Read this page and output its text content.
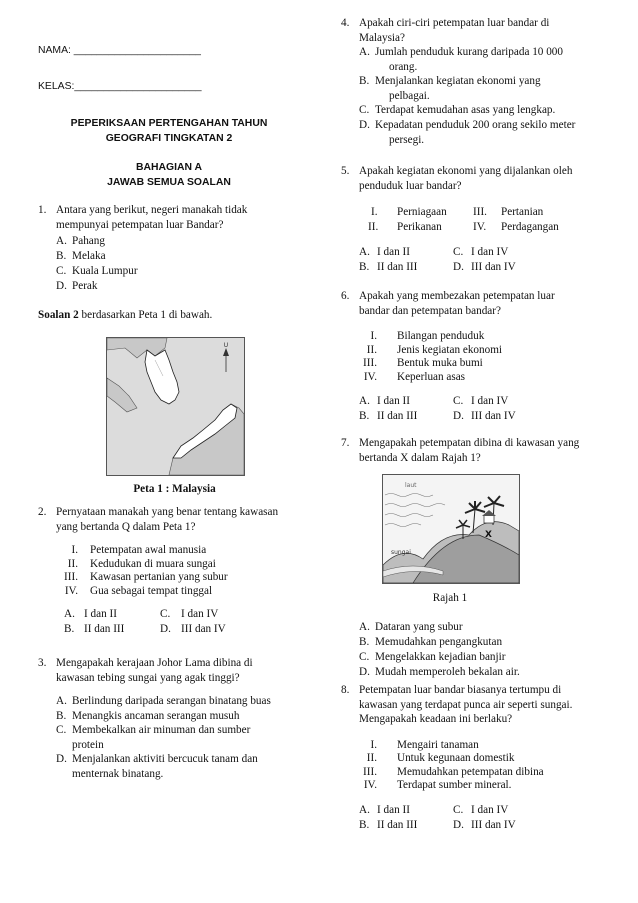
NAMA: ______________________
KELAS:______________________
PEPERIKSAAN PERTENGAHAN TAHUN
GEOGRAFI TINGKATAN 2
BAHAGIAN A
JAWAB SEMUA SOALAN
1. Antara yang berikut, negeri manakah tidak
mempunyai petempatan luar Bandar?
A. Pahang
B. Melaka
C. Kuala Lumpur
D. Perak
Soalan 2 berdasarkan Peta 1 di bawah.
U
Peta 1 : Malaysia
2. Pernyataan manakah yang benar tentang kawasan
yang bertanda Q dalam Peta 1?
I. Petempatan awal manusia
II. Kedudukan di muara sungai
III. Kawasan pertanian yang subur
IV. Gua sebagai tempat tinggal
A. I dan II	C. I dan IV
B. II dan III	D. III dan IV
3. Mengapakah kerajaan Johor Lama dibina di
kawasan tebing sungai yang agak tinggi?
A. Berlindung daripada serangan binatang buas
B. Menangkis ancaman serangan musuh
C. Membekalkan air minuman dan sumber
protein
D. Menjalankan aktiviti bercucuk tanam dan
menternak binatang.
4. Apakah ciri-ciri petempatan luar bandar di
Malaysia?
A. Jumlah penduduk kurang daripada 10 000
orang.
B. Menjalankan kegiatan ekonomi yang
pelbagai.
C. Terdapat kemudahan asas yang lengkap.
D. Kepadatan penduduk 200 orang sekilo meter
persegi.
5. Apakah kegiatan ekonomi yang dijalankan oleh
penduduk luar bandar?
I. Perniagaan III. Pertanian
II. Perikanan	IV. Perdagangan
A. I dan II	C. I dan IV
B. II dan III	D. III dan IV
6. Apakah yang membezakan petempatan luar
bandar dan petempatan bandar?
I. Bilangan penduduk
II. Jenis kegiatan ekonomi
III. Bentuk muka bumi
IV. Keperluan asas
A. I dan II	C. I dan IV
B. II dan III	D. III dan IV
7. Mengapakah petempatan dibina di kawasan yang
bertanda X dalam Rajah 1?
laut
sungai
X
Rajah 1
A. Dataran yang subur
B. Memudahkan pengangkutan
C. Mengelakkan kejadian banjir
D. Mudah memperoleh bekalan air.
8. Petempatan luar bandar biasanya tertumpu di
kawasan yang terdapat punca air seperti sungai.
Mengapakah keadaan ini berlaku?
I. Mengairi tanaman
II. Untuk kegunaan domestik
III. Memudahkan petempatan dibina
IV. Terdapat sumber mineral.
A. I dan II	C. I dan IV
B. II dan III	D. III dan IV
